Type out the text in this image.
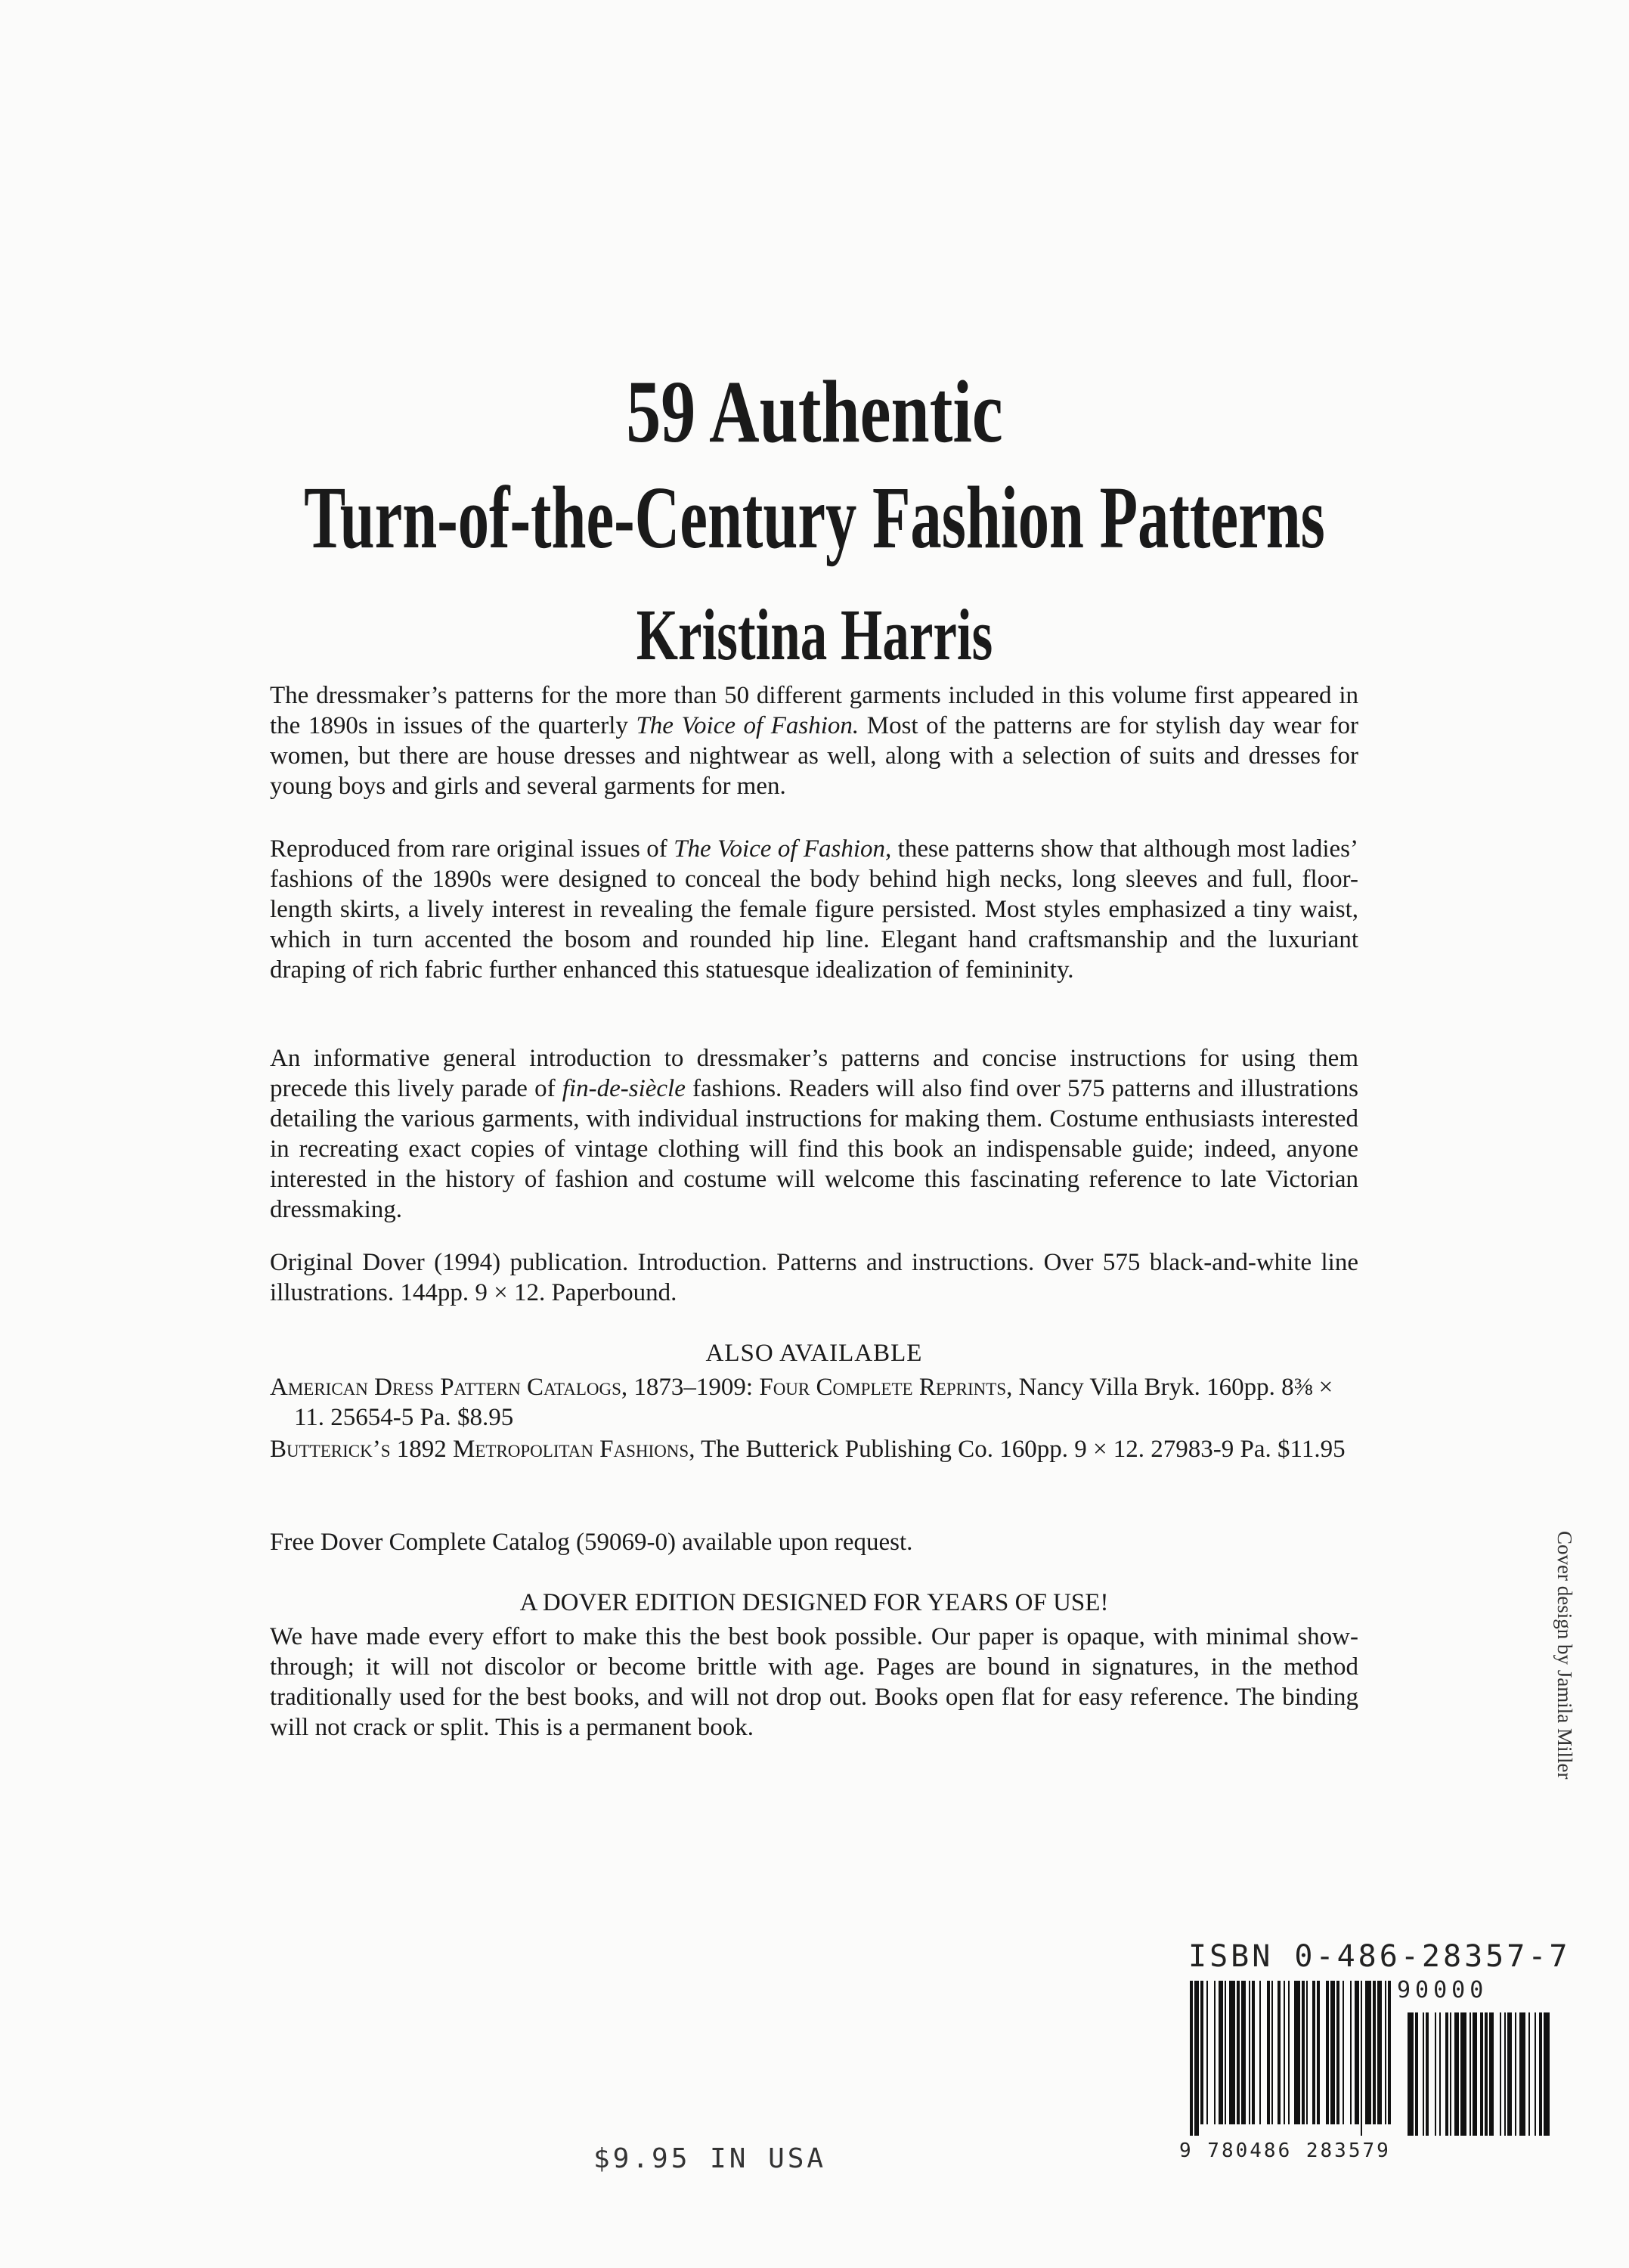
59 Authentic
Turn-of-the-Century Fashion Patterns
Kristina Harris
The dressmaker’s patterns for the more than 50 different garments included in this volume first appeared in the 1890s in issues of the quarterly The Voice of Fashion. Most of the patterns are for stylish day wear for women, but there are house dresses and nightwear as well, along with a selection of suits and dresses for young boys and girls and several garments for men.
Reproduced from rare original issues of The Voice of Fashion, these patterns show that although most ladies’ fashions of the 1890s were designed to conceal the body behind high necks, long sleeves and full, floor-length skirts, a lively interest in revealing the female figure persisted. Most styles emphasized a tiny waist, which in turn accented the bosom and rounded hip line. Elegant hand craftsmanship and the luxuriant draping of rich fabric further enhanced this statuesque idealization of femininity.
An informative general introduction to dressmaker’s patterns and concise instructions for using them precede this lively parade of fin-de-siècle fashions. Readers will also find over 575 patterns and illustrations detailing the various garments, with individual instructions for making them. Costume enthusiasts interested in recreating exact copies of vintage clothing will find this book an indispensable guide; indeed, anyone interested in the history of fashion and costume will welcome this fascinating reference to late Victorian dressmaking.
Original Dover (1994) publication. Introduction. Patterns and instructions. Over 575 black-and-white line illustrations. 144pp. 9 × 12. Paperbound.
ALSO AVAILABLE
American Dress Pattern Catalogs, 1873–1909: Four Complete Reprints, Nancy Villa Bryk. 160pp. 8⅜ × 11. 25654-5 Pa. $8.95
Butterick’s 1892 Metropolitan Fashions, The Butterick Publishing Co. 160pp. 9 × 12. 27983-9 Pa. $11.95
Free Dover Complete Catalog (59069-0) available upon request.
A DOVER EDITION DESIGNED FOR YEARS OF USE!
We have made every effort to make this the best book possible. Our paper is opaque, with minimal show-through; it will not discolor or become brittle with age. Pages are bound in signatures, in the method traditionally used for the best books, and will not drop out. Books open flat for easy reference. The binding will not crack or split. This is a permanent book.	Cover design by Jamila Miller
ISBN 0-486-28357-7
90000
9 780486 283579
$9.95 IN USA
